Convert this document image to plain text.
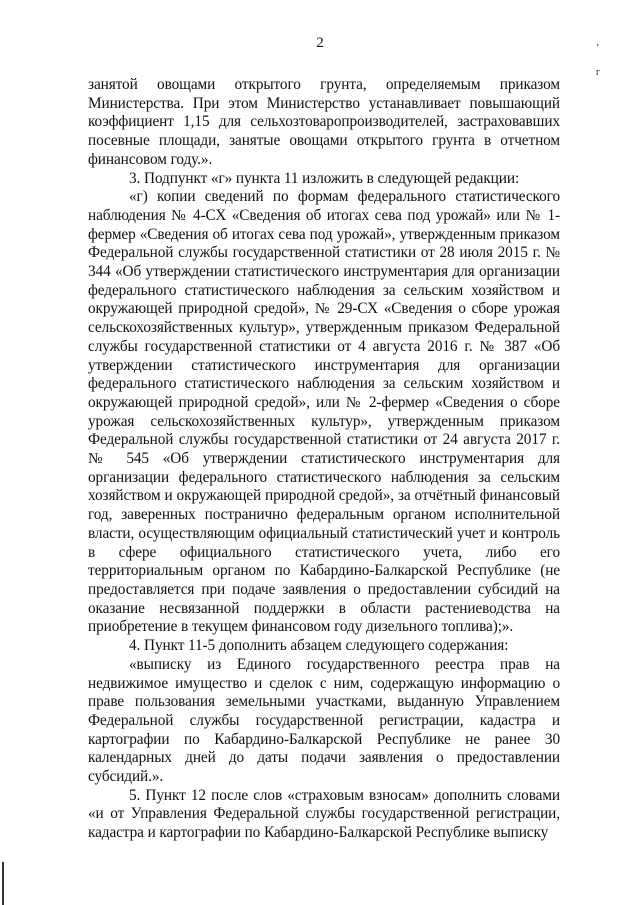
2	’
г

занятой овощами открытого грунта, определяемым приказом Министерства. При этом Министерство устанавливает повышающий коэффициент 1,15 для сельхозтоваропроизводителей, застраховавших посевные площади, занятые овощами открытого грунта в отчетном финансовом году.».

3. Подпункт «г» пункта 11 изложить в следующей редакции:

«г) копии сведений по формам федерального статистического наблюдения № 4-СХ «Сведения об итогах сева под урожай» или № 1-фермер «Сведения об итогах сева под урожай», утвержденным приказом Федеральной службы государственной статистики от 28 июля 2015 г. № 344 «Об утверждении статистического инструментария для организации федерального статистического наблюдения за сельским хозяйством и окружающей природной средой», № 29-СХ «Сведения о сборе урожая сельскохозяйственных культур», утвержденным приказом Федеральной службы государственной статистики от 4 августа 2016 г. № 387 «Об утверждении статистического инструментария для организации федерального статистического наблюдения за сельским хозяйством и окружающей природной средой», или № 2-фермер «Сведения о сборе урожая сельскохозяйственных культур», утвержденным приказом Федеральной службы государственной статистики от 24 августа 2017 г. № 545 «Об утверждении статистического инструментария для организации федерального статистического наблюдения за сельским хозяйством и окружающей природной средой», за отчётный финансовый год, заверенных постранично федеральным органом исполнительной власти, осуществляющим официальный статистический учет и контроль в сфере официального статистического учета, либо его территориальным органом по Кабардино-Балкарской Республике (не предоставляется при подаче заявления о предоставлении субсидий на оказание несвязанной поддержки в области растениеводства на приобретение в текущем финансовом году дизельного топлива);».

4. Пункт 11-5 дополнить абзацем следующего содержания:

«выписку из Единого государственного реестра прав на недвижимое имущество и сделок с ним, содержащую информацию о праве пользования земельными участками, выданную Управлением Федеральной службы государственной регистрации, кадастра и картографии по Кабардино-Балкарской Республике не ранее 30 календарных дней до даты подачи заявления о предоставлении субсидий.».

5. Пункт 12 после слов «страховым взносам» дополнить словами «и от Управления Федеральной службы государственной регистрации, кадастра и картографии по Кабардино-Балкарской Республике выписку
